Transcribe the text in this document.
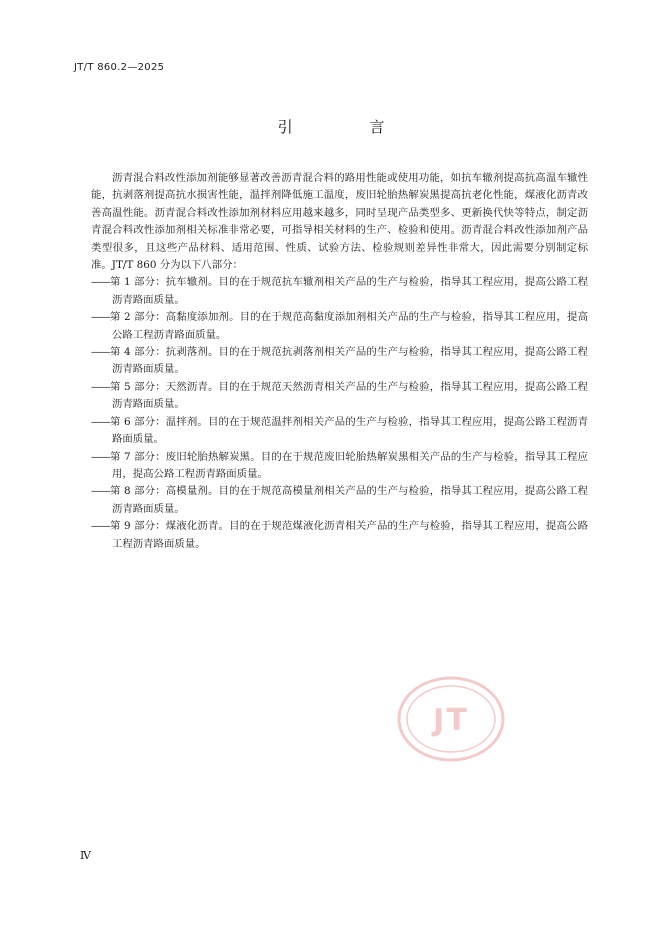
JT/T 860.2—2025
引 言

沥青混合料改性添加剂能够显著改善沥青混合料的路用性能或使用功能，如抗车辙剂提高抗高温车辙性能，抗剥落剂提高抗水损害性能，温拌剂降低施工温度，废旧轮胎热解炭黑提高抗老化性能，煤液化沥青改善高温性能。沥青混合料改性添加剂材料应用越来越多，同时呈现产品类型多、更新换代快等特点，制定沥青混合料改性添加剂相关标准非常必要，可指导相关材料的生产、检验和使用。沥青混合料改性添加剂产品类型很多，且这些产品材料、适用范围、性质、试验方法、检验规则差异性非常大，因此需要分别制定标准。JT/T 860 分为以下八部分：

——第 1 部分：抗车辙剂。目的在于规范抗车辙剂相关产品的生产与检验，指导其工程应用，提高公路工程沥青路面质量。
——第 2 部分：高黏度添加剂。目的在于规范高黏度添加剂相关产品的生产与检验，指导其工程应用，提高公路工程沥青路面质量。
——第 4 部分：抗剥落剂。目的在于规范抗剥落剂相关产品的生产与检验，指导其工程应用，提高公路工程沥青路面质量。
——第 5 部分：天然沥青。目的在于规范天然沥青相关产品的生产与检验，指导其工程应用，提高公路工程沥青路面质量。
——第 6 部分：温拌剂。目的在于规范温拌剂相关产品的生产与检验，指导其工程应用，提高公路工程沥青路面质量。
——第 7 部分：废旧轮胎热解炭黑。目的在于规范废旧轮胎热解炭黑相关产品的生产与检验，指导其工程应用，提高公路工程沥青路面质量。
——第 8 部分：高模量剂。目的在于规范高模量剂相关产品的生产与检验，指导其工程应用，提高公路工程沥青路面质量。
——第 9 部分：煤液化沥青。目的在于规范煤液化沥青相关产品的生产与检验，指导其工程应用，提高公路工程沥青路面质量。
JT
Ⅳ
